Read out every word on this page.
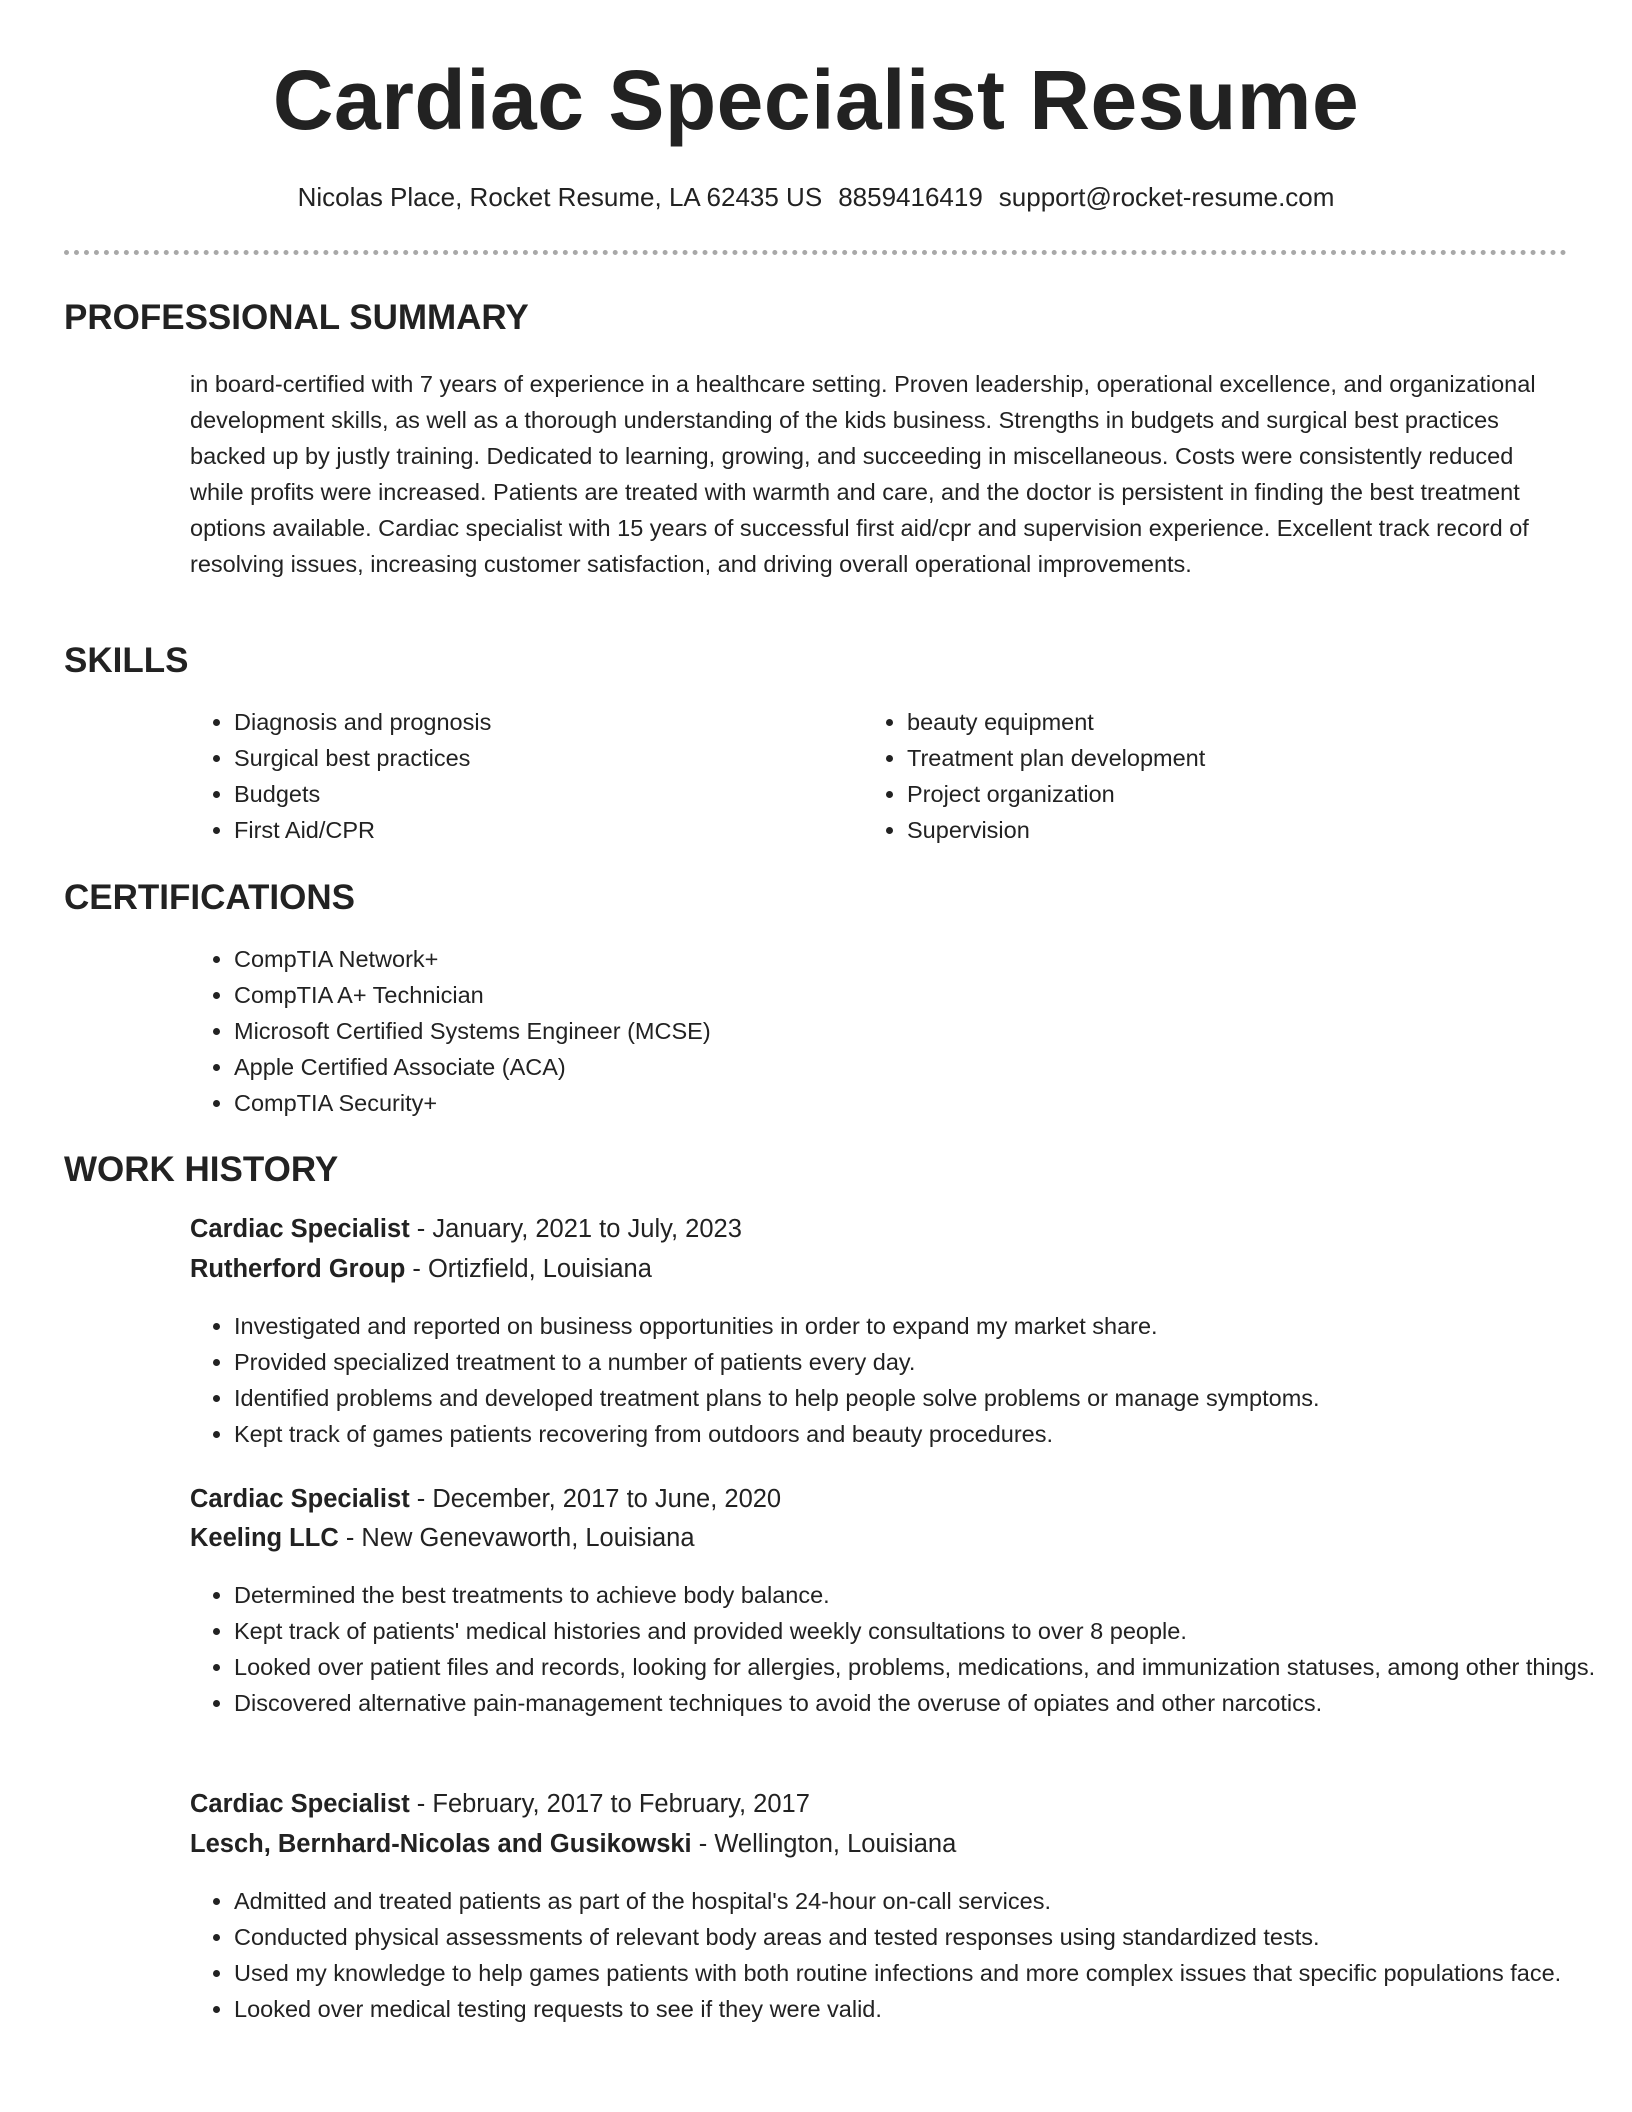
Cardiac Specialist Resume
Nicolas Place, Rocket Resume, LA 62435 US 8859416419 support@rocket-resume.com
PROFESSIONAL SUMMARY

in board-certified with 7 years of experience in a healthcare setting. Proven leadership, operational excellence, and organizational development skills, as well as a thorough understanding of the kids business. Strengths in budgets and surgical best practices backed up by justly training. Dedicated to learning, growing, and succeeding in miscellaneous. Costs were consistently reduced while profits were increased. Patients are treated with warmth and care, and the doctor is persistent in finding the best treatment options available. Cardiac specialist with 15 years of successful first aid/cpr and supervision experience. Excellent track record of resolving issues, increasing customer satisfaction, and driving overall operational improvements.

SKILLS
• Diagnosis and prognosis
• Surgical best practices
• Budgets
• First Aid/CPR
• beauty equipment
• Treatment plan development
• Project organization
• Supervision
CERTIFICATIONS
• CompTIA Network+
• CompTIA A+ Technician
• Microsoft Certified Systems Engineer (MCSE)
• Apple Certified Associate (ACA)
• CompTIA Security+
WORK HISTORY
Cardiac Specialist - January, 2021 to July, 2023
Rutherford Group - Ortizfield, Louisiana
• Investigated and reported on business opportunities in order to expand my market share.
• Provided specialized treatment to a number of patients every day.
• Identified problems and developed treatment plans to help people solve problems or manage symptoms.
• Kept track of games patients recovering from outdoors and beauty procedures.
Cardiac Specialist - December, 2017 to June, 2020
Keeling LLC - New Genevaworth, Louisiana
• Determined the best treatments to achieve body balance.
• Kept track of patients' medical histories and provided weekly consultations to over 8 people.
• Looked over patient files and records, looking for allergies, problems, medications, and immunization statuses, among other things.
• Discovered alternative pain-management techniques to avoid the overuse of opiates and other narcotics.
Cardiac Specialist - February, 2017 to February, 2017
Lesch, Bernhard-Nicolas and Gusikowski - Wellington, Louisiana
• Admitted and treated patients as part of the hospital's 24-hour on-call services.
• Conducted physical assessments of relevant body areas and tested responses using standardized tests.
• Used my knowledge to help games patients with both routine infections and more complex issues that specific populations face.
• Looked over medical testing requests to see if they were valid.
